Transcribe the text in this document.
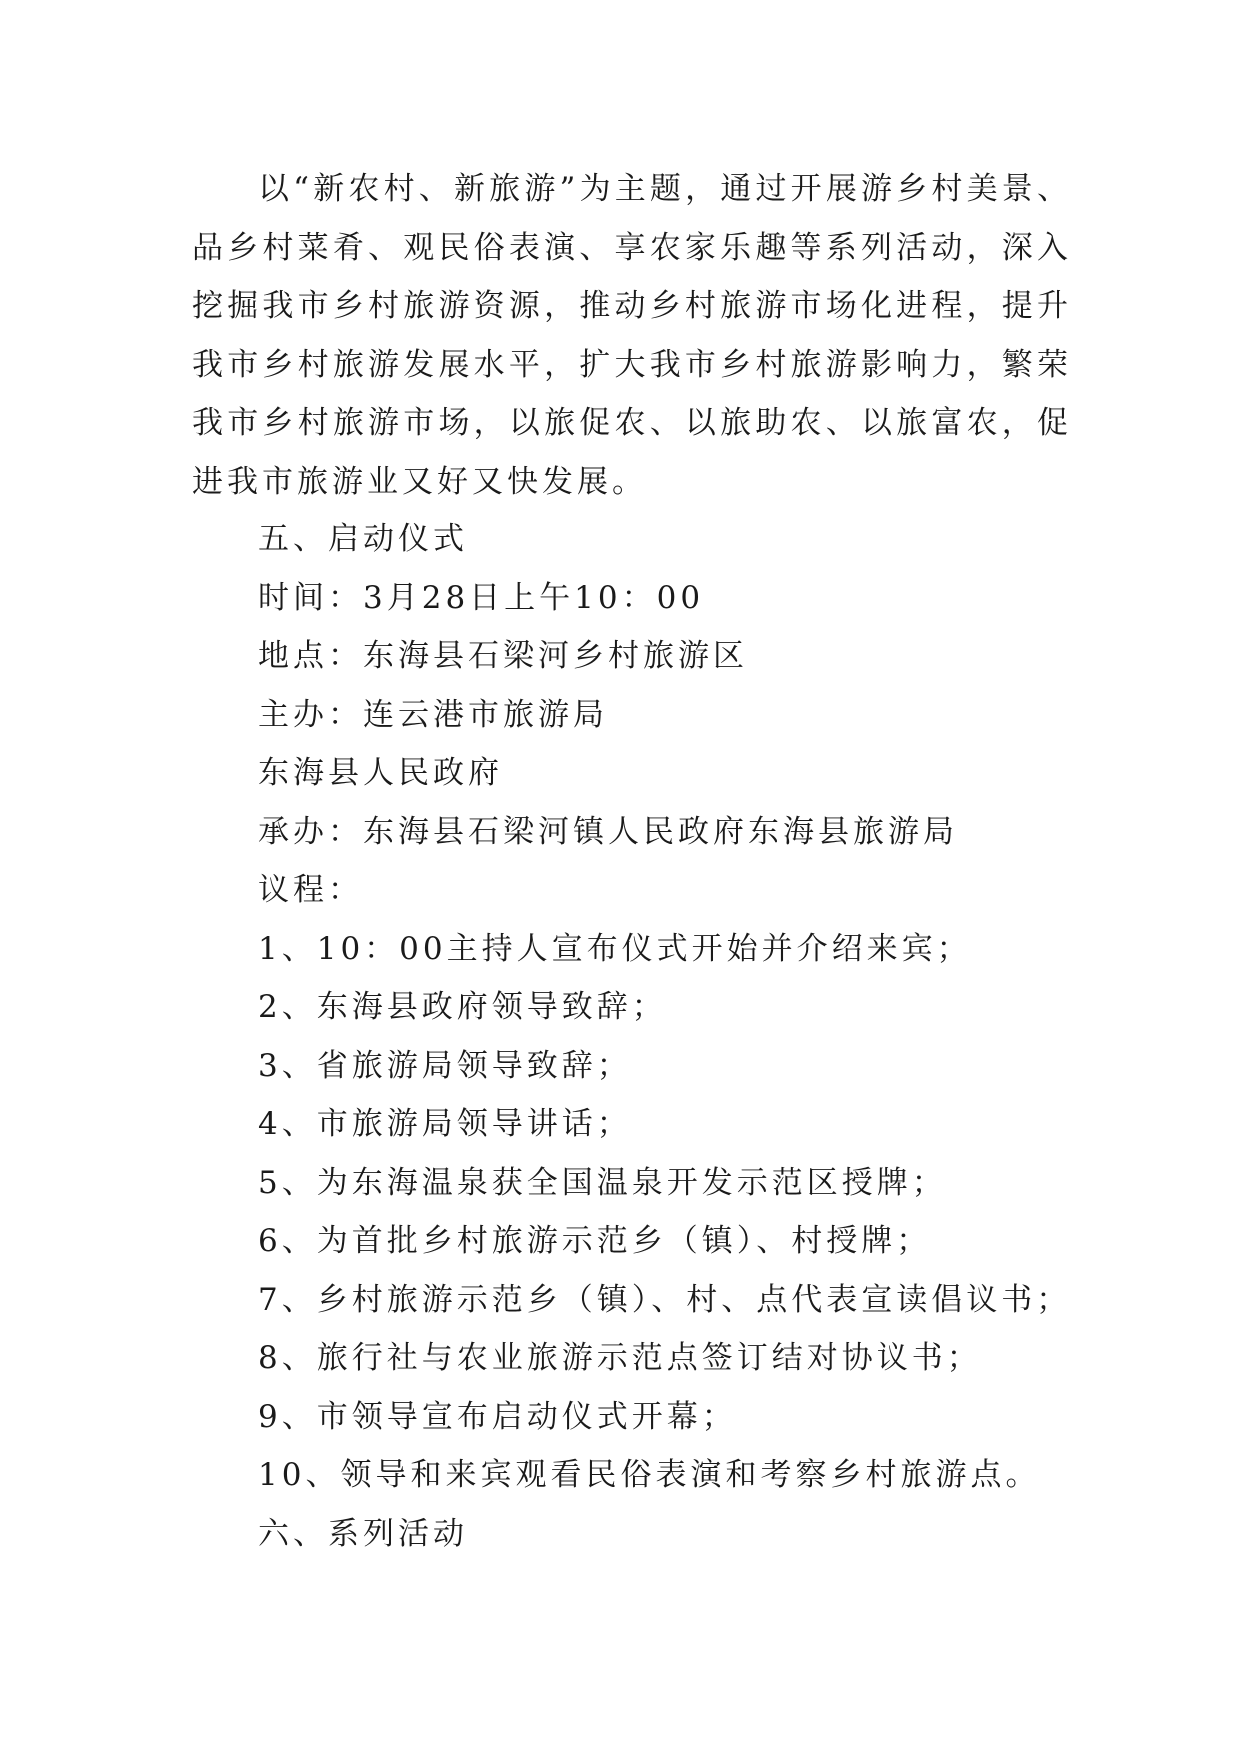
以“新农村、新旅游”为主题，通过开展游乡村美景、品乡村菜肴、观民俗表演、享农家乐趣等系列活动，深入挖掘我市乡村旅游资源，推动乡村旅游市场化进程，提升我市乡村旅游发展水平，扩大我市乡村旅游影响力，繁荣我市乡村旅游市场，以旅促农、以旅助农、以旅富农，促进我市旅游业又好又快发展。

五、启动仪式
时间：3月28日上午10：00
地点：东海县石梁河乡村旅游区
主办：连云港市旅游局
东海县人民政府
承办：东海县石梁河镇人民政府东海县旅游局
议程：
1、10：00主持人宣布仪式开始并介绍来宾；
2、东海县政府领导致辞；
3、省旅游局领导致辞；
4、市旅游局领导讲话；
5、为东海温泉获全国温泉开发示范区授牌；
6、为首批乡村旅游示范乡（镇）、村授牌；
7、乡村旅游示范乡（镇）、村、点代表宣读倡议书；
8、旅行社与农业旅游示范点签订结对协议书；
9、市领导宣布启动仪式开幕；
10、领导和来宾观看民俗表演和考察乡村旅游点。
六、系列活动
